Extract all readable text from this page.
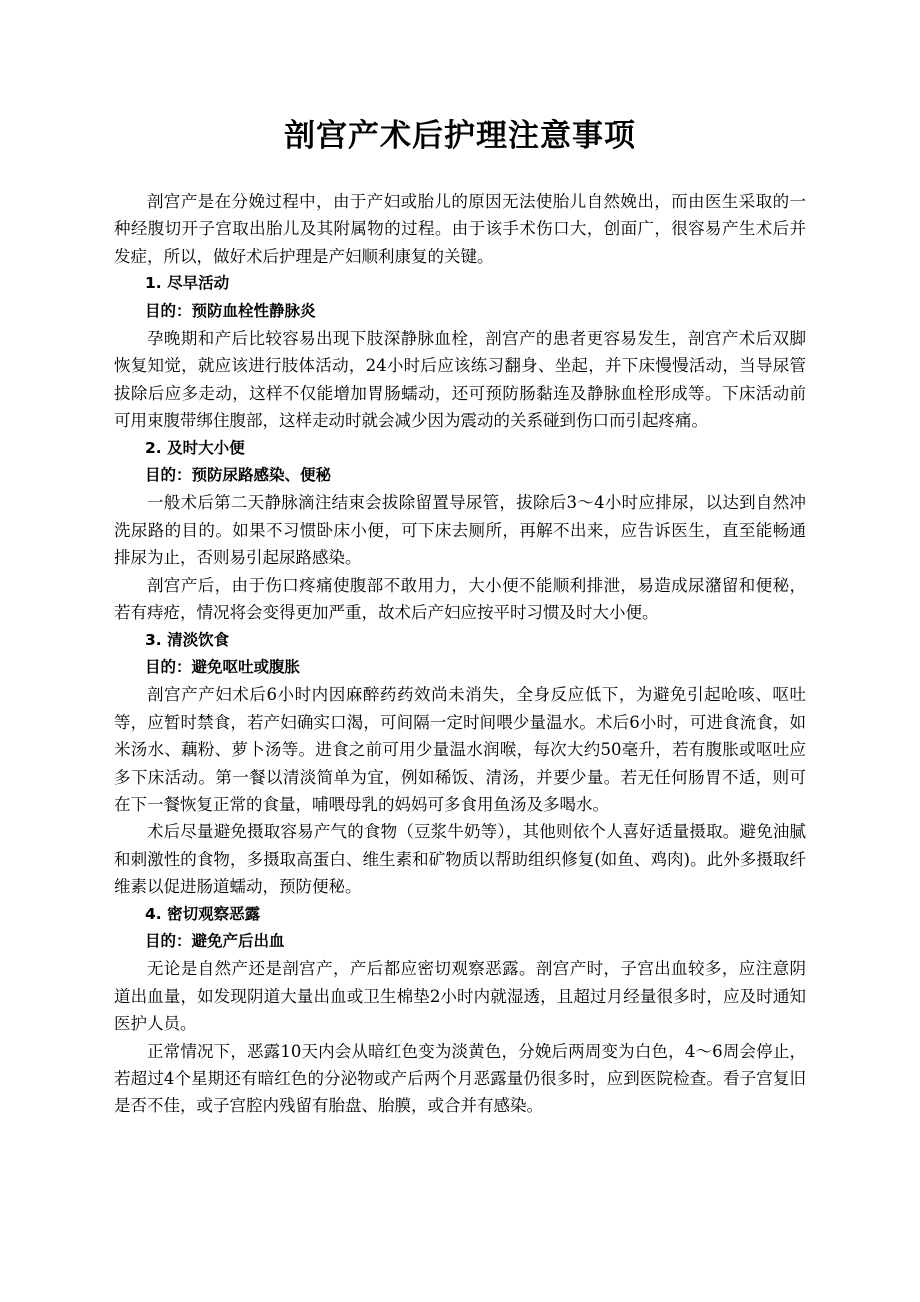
剖宫产术后护理注意事项

剖宫产是在分娩过程中，由于产妇或胎儿的原因无法使胎儿自然娩出，而由医生采取的一种经腹切开子宫取出胎儿及其附属物的过程。由于该手术伤口大，创面广，很容易产生术后并发症，所以，做好术后护理是产妇顺利康复的关键。

1. 尽早活动

目的：预防血栓性静脉炎

孕晚期和产后比较容易出现下肢深静脉血栓，剖宫产的患者更容易发生，剖宫产术后双脚恢复知觉，就应该进行肢体活动，24小时后应该练习翻身、坐起，并下床慢慢活动，当导尿管拔除后应多走动，这样不仅能增加胃肠蠕动，还可预防肠黏连及静脉血栓形成等。下床活动前可用束腹带绑住腹部，这样走动时就会减少因为震动的关系碰到伤口而引起疼痛。

2. 及时大小便

目的：预防尿路感染、便秘

一般术后第二天静脉滴注结束会拔除留置导尿管，拔除后3～4小时应排尿，以达到自然冲洗尿路的目的。如果不习惯卧床小便，可下床去厕所，再解不出来，应告诉医生，直至能畅通排尿为止，否则易引起尿路感染。

剖宫产后，由于伤口疼痛使腹部不敢用力，大小便不能顺利排泄，易造成尿潴留和便秘，若有痔疮，情况将会变得更加严重，故术后产妇应按平时习惯及时大小便。

3. 清淡饮食

目的：避免呕吐或腹胀

剖宫产产妇术后6小时内因麻醉药药效尚未消失，全身反应低下，为避免引起呛咳、呕吐等，应暂时禁食，若产妇确实口渴，可间隔一定时间喂少量温水。术后6小时，可进食流食，如米汤水、藕粉、萝卜汤等。进食之前可用少量温水润喉，每次大约50毫升，若有腹胀或呕吐应多下床活动。第一餐以清淡简单为宜，例如稀饭、清汤，并要少量。若无任何肠胃不适，则可在下一餐恢复正常的食量，哺喂母乳的妈妈可多食用鱼汤及多喝水。

术后尽量避免摄取容易产气的食物（豆浆牛奶等），其他则依个人喜好适量摄取。避免油腻和刺激性的食物，多摄取高蛋白、维生素和矿物质以帮助组织修复(如鱼、鸡肉)。此外多摄取纤维素以促进肠道蠕动，预防便秘。

4. 密切观察恶露

目的：避免产后出血

无论是自然产还是剖宫产，产后都应密切观察恶露。剖宫产时，子宫出血较多，应注意阴道出血量，如发现阴道大量出血或卫生棉垫2小时内就湿透，且超过月经量很多时，应及时通知医护人员。

正常情况下，恶露10天内会从暗红色变为淡黄色，分娩后两周变为白色，4～6周会停止，若超过4个星期还有暗红色的分泌物或产后两个月恶露量仍很多时，应到医院检查。看子宫复旧是否不佳，或子宫腔内残留有胎盘、胎膜，或合并有感染。
